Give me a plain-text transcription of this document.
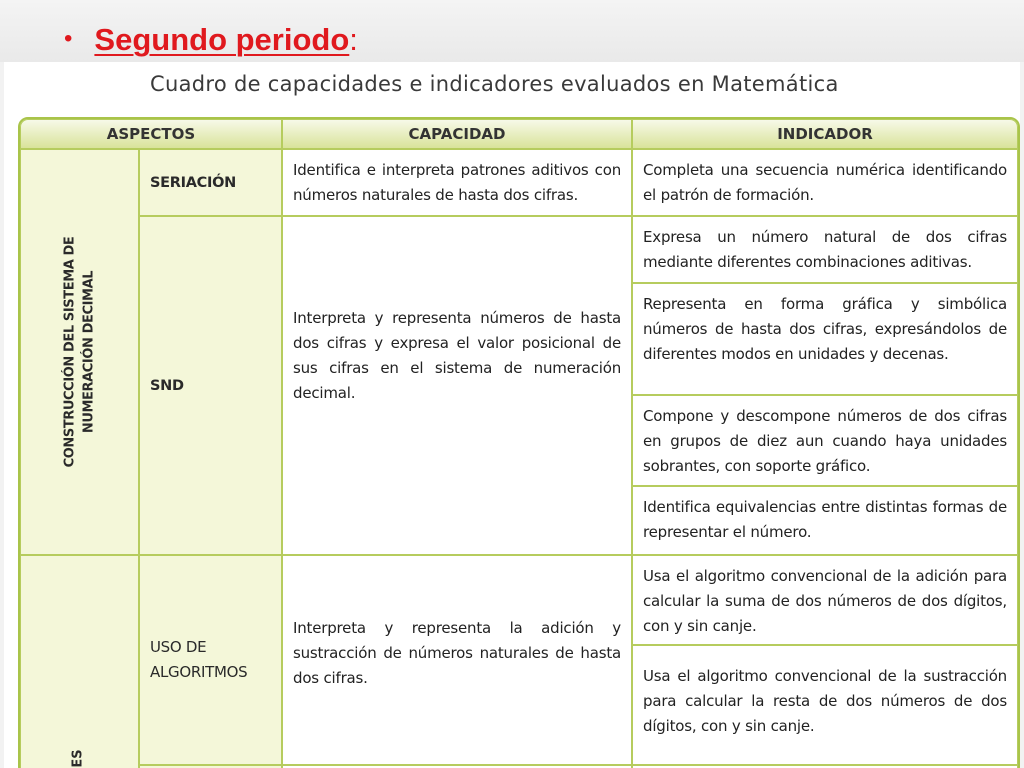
• Segundo periodo:
Cuadro de capacidades e indicadores evaluados en Matemática
ASPECTOS	CAPACIDAD	INDICADOR
CONSTRUCCIÓN DEL SISTEMA DE NUMERACIÓN DECIMAL
SERIACIÓN
Identifica e interpreta patrones aditivos con números naturales de hasta dos cifras.
Completa una secuencia numérica identificando el patrón de formación.
SND
Interpreta y representa números de hasta dos cifras y expresa el valor posicional de sus cifras en el sistema de numeración decimal.
Expresa un número natural de dos cifras mediante diferentes combinaciones aditivas.
Representa en forma gráfica y simbólica números de hasta dos cifras, expresándolos de diferentes modos en unidades y decenas.
Compone y descompone números de dos cifras en grupos de diez aun cuando haya unidades sobrantes, con soporte gráfico.
Identifica equivalencias entre distintas formas de representar el número.
ES
USO DE
ALGORITMOS
Interpreta y representa la adición y sustracción de números naturales de hasta dos cifras.
Usa el algoritmo convencional de la adición para calcular la suma de dos números de dos dígitos, con y sin canje.
Usa el algoritmo convencional de la sustracción para calcular la resta de dos números de dos dígitos, con y sin canje.
